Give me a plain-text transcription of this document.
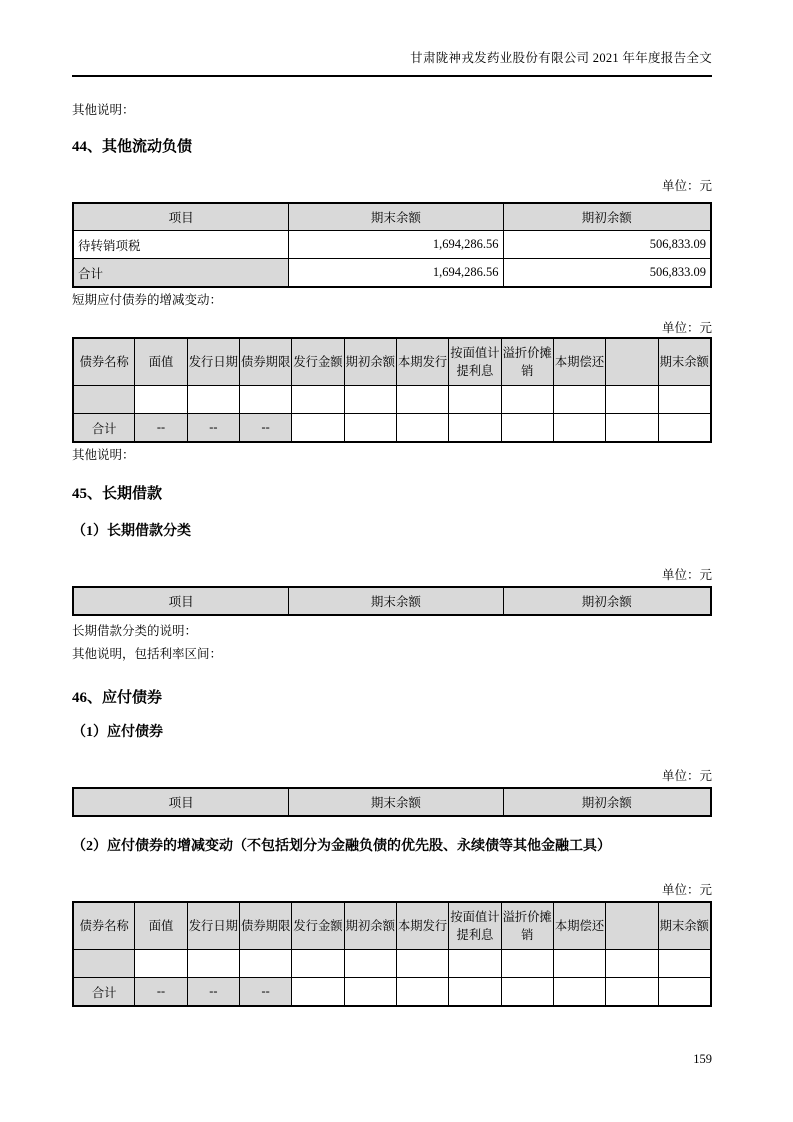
甘肃陇神戎发药业股份有限公司 2021 年年度报告全文

其他说明：

44、其他流动负债

单位：元

项目	期末余额	期初余额
待转销项税	1,694,286.56	506,833.09
合计	1,694,286.56	506,833.09

短期应付债券的增减变动：

单位：元

债券名称	面值	发行日期	债券期限	发行金额	期初余额	本期发行	按面值计提利息	溢折价摊销	本期偿还		期末余额

合计	--	--	--								

其他说明：

45、长期借款

（1）长期借款分类

单位：元

项目	期末余额	期初余额

长期借款分类的说明：

其他说明，包括利率区间：

46、应付债券

（1）应付债券

单位：元

项目	期末余额	期初余额

（2）应付债券的增减变动（不包括划分为金融负债的优先股、永续债等其他金融工具）

单位：元

债券名称	面值	发行日期	债券期限	发行金额	期初余额	本期发行	按面值计提利息	溢折价摊销	本期偿还		期末余额

合计	--	--	--								

159
